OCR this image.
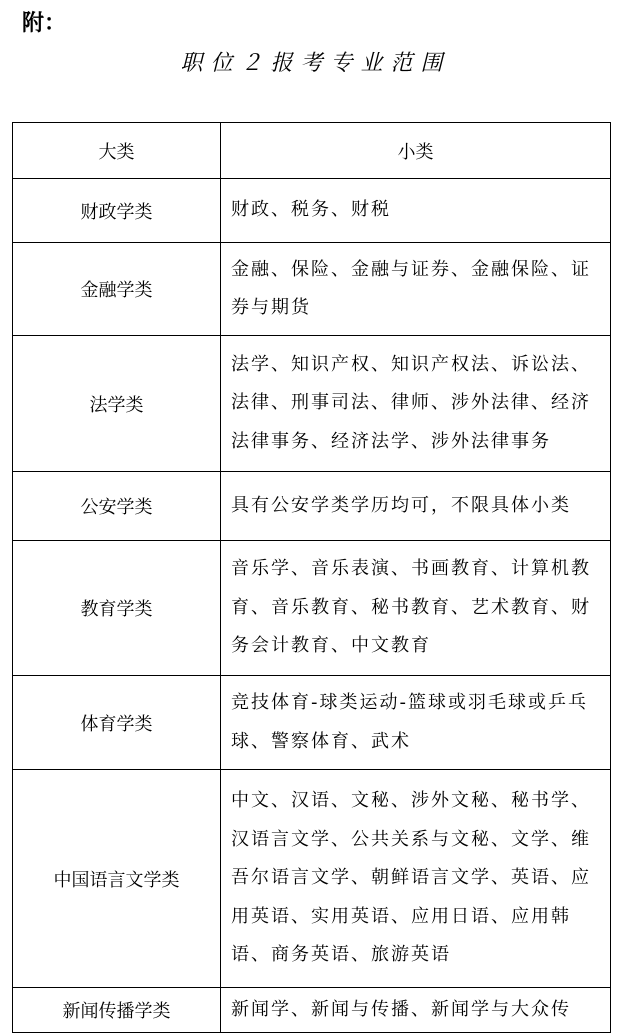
附：
职位２报考专业范围
大类	小类
财政学类	财政、税务、财税
金融学类	金融、保险、金融与证券、金融保险、证券与期货
法学类	法学、知识产权、知识产权法、诉讼法、法律、刑事司法、律师、涉外法律、经济法律事务、经济法学、涉外法律事务
公安学类	具有公安学类学历均可，不限具体小类
教育学类	音乐学、音乐表演、书画教育、计算机教育、音乐教育、秘书教育、艺术教育、财务会计教育、中文教育
体育学类	竞技体育-球类运动-篮球或羽毛球或乒乓球、警察体育、武术
中国语言文学类	中文、汉语、文秘、涉外文秘、秘书学、汉语言文学、公共关系与文秘、文学、维吾尔语言文学、朝鲜语言文学、英语、应用英语、实用英语、应用日语、应用韩语、商务英语、旅游英语
新闻传播学类	新闻学、新闻与传播、新闻学与大众传
